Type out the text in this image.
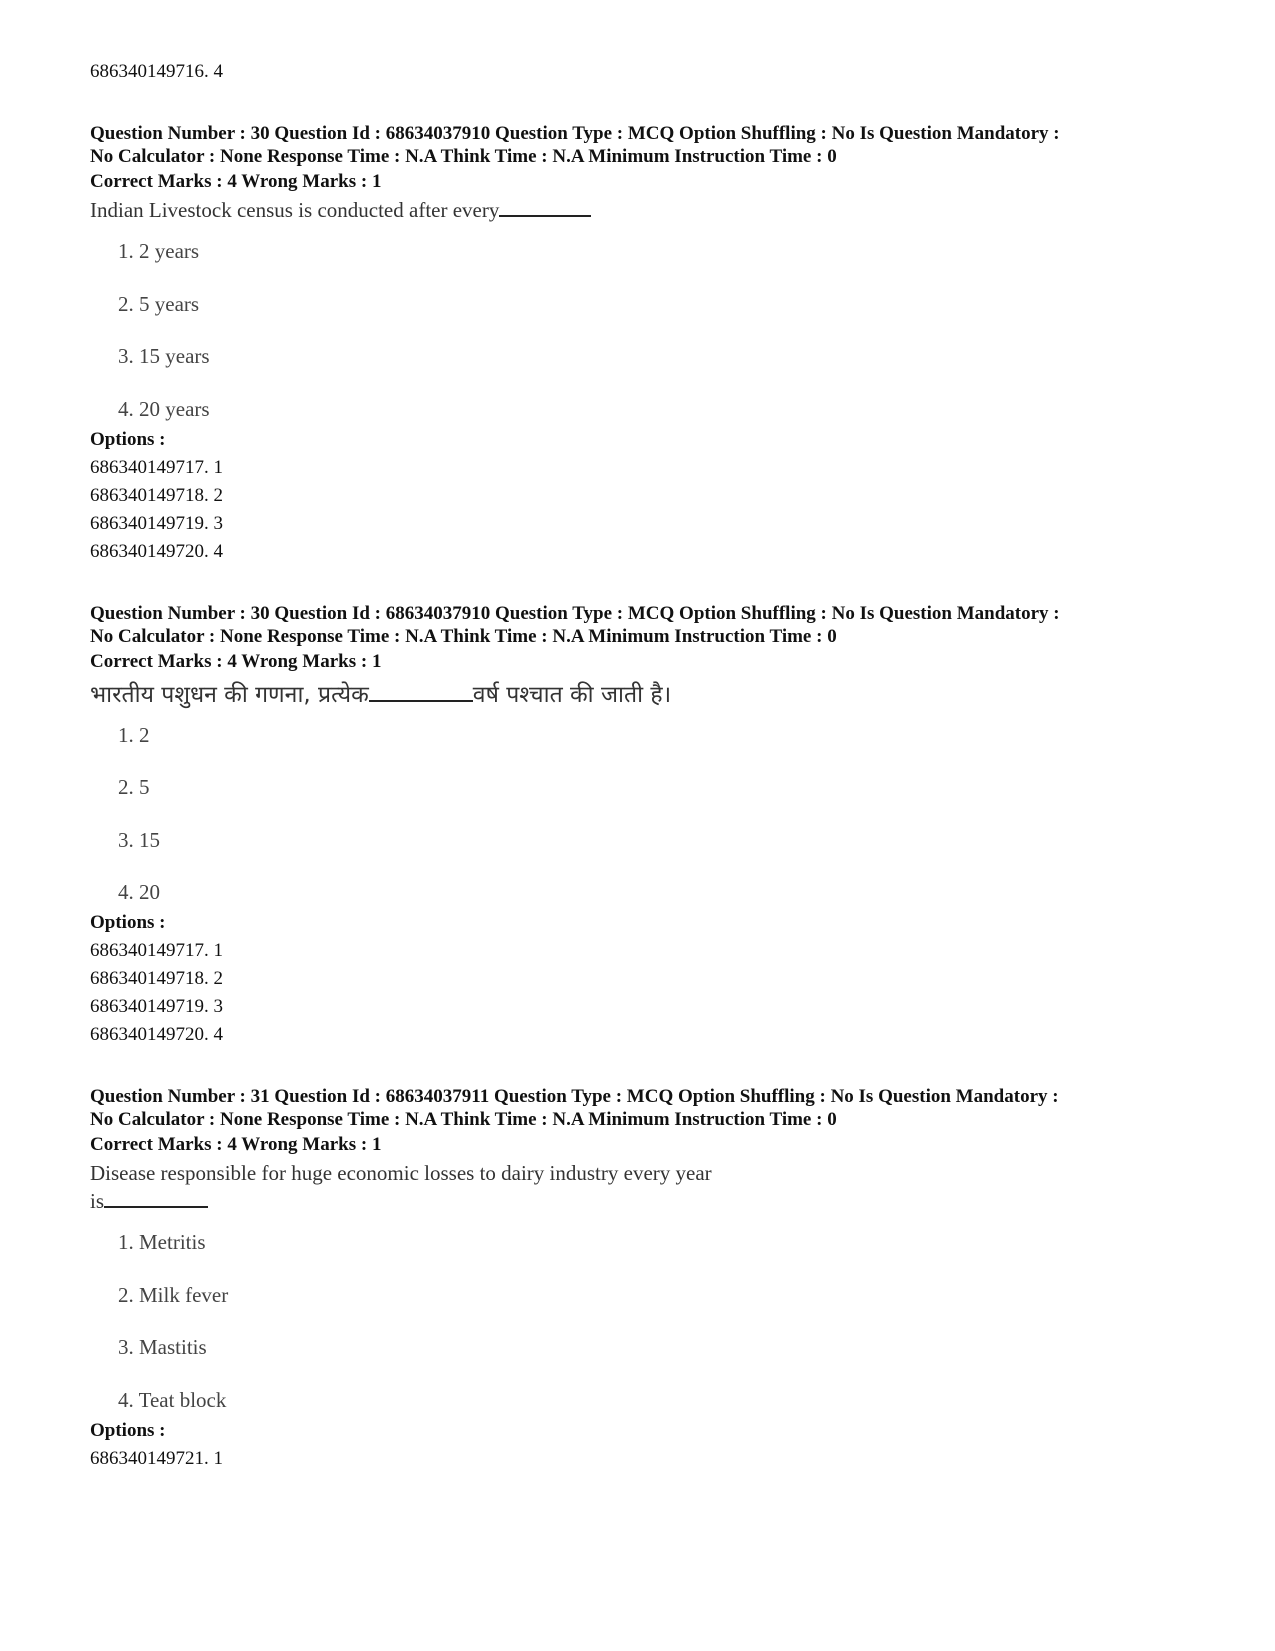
686340149716. 4
Question Number : 30 Question Id : 68634037910 Question Type : MCQ Option Shuffling : No Is Question Mandatory :
No Calculator : None Response Time : N.A Think Time : N.A Minimum Instruction Time : 0
Correct Marks : 4 Wrong Marks : 1
Indian Livestock census is conducted after every
1. 2 years
2. 5 years
3. 15 years
4. 20 years
Options :
686340149717. 1
686340149718. 2
686340149719. 3
686340149720. 4
Question Number : 30 Question Id : 68634037910 Question Type : MCQ Option Shuffling : No Is Question Mandatory :
No Calculator : None Response Time : N.A Think Time : N.A Minimum Instruction Time : 0
Correct Marks : 4 Wrong Marks : 1
भारतीय पशुधन की गणना, प्रत्येक	वर्ष पश्चात की जाती है।
1. 2
2. 5
3. 15
4. 20
Options :
686340149717. 1
686340149718. 2
686340149719. 3
686340149720. 4
Question Number : 31 Question Id : 68634037911 Question Type : MCQ Option Shuffling : No Is Question Mandatory :
No Calculator : None Response Time : N.A Think Time : N.A Minimum Instruction Time : 0
Correct Marks : 4 Wrong Marks : 1
Disease responsible for huge economic losses to dairy industry every year
is
1. Metritis
2. Milk fever
3. Mastitis
4. Teat block
Options :
686340149721. 1
